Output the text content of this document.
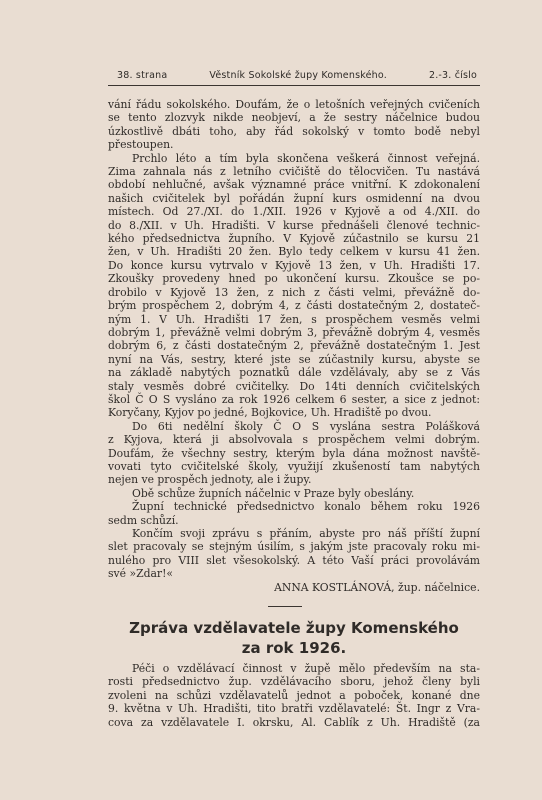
38. strana	Věstník Sokolské župy Komenského.	2.-3. číslo
vání řádu sokolského. Doufám, že o letošních veřejných cvičeních
se tento zlozvyk nikde neobjeví, a že sestry náčelnice budou
úzkostlivě dbáti toho, aby řád sokolský v tomto bodě nebyl
přestoupen.
Prchlo léto a tím byla skončena veškerá činnost veřejná.
Zima zahnala nás z letního cvičiště do tělocvičen. Tu nastává
období nehlučné, avšak významné práce vnitřní. K zdokonalení
našich cvičitelek byl pořádán župní kurs osmidenní na dvou
místech. Od 27./XI. do 1./XII. 1926 v Kyjově a od 4./XII. do
do 8./XII. v Uh. Hradišti. V kurse přednášeli členové technic-
kého předsednictva župního. V Kyjově zúčastnilo se kursu 21
žen, v Uh. Hradišti 20 žen. Bylo tedy celkem v kursu 41 žen.
Do konce kursu vytrvalo v Kyjově 13 žen, v Uh. Hradišti 17.
Zkoušky provedeny hned po ukončení kursu. Zkoušce se po-
drobilo v Kyjově 13 žen, z nich z části velmi, převážně do-
brým prospěchem 2, dobrým 4, z části dostatečným 2, dostateč-
ným 1. V Uh. Hradišti 17 žen, s prospěchem vesměs velmi
dobrým 1, převážně velmi dobrým 3, převážně dobrým 4, vesměs
dobrým 6, z části dostatečným 2, převážně dostatečným 1. Jest
nyní na Vás, sestry, které jste se zúčastnily kursu, abyste se
na základě nabytých poznatků dále vzdělávaly, aby se z Vás
staly vesměs dobré cvičitelky. Do 14ti denních cvičitelských
škol Č O S vysláno za rok 1926 celkem 6 sester, a sice z jednot:
Koryčany, Kyjov po jedné, Bojkovice, Uh. Hradiště po dvou.
Do 6ti nedělní školy Č O S vyslána sestra Polášková
z Kyjova, která ji absolvovala s prospěchem velmi dobrým.
Doufám, že všechny sestry, kterým byla dána možnost navště-
vovati tyto cvičitelské školy, využijí zkušeností tam nabytých
nejen ve prospěch jednoty, ale i župy.
Obě schůze župních náčelnic v Praze byly obeslány.
Župní technické předsednictvo konalo během roku 1926
sedm schůzí.
Končím svoji zprávu s přáním, abyste pro náš příští župní
slet pracovaly se stejným úsilím, s jakým jste pracovaly roku mi-
nulého pro VIII slet všesokolský. A této Vaší práci provolávám
své »Zdar!«
ANNA KOSTLÁNOVÁ, žup. náčelnice.
Zpráva vzdělavatele župy Komenského
za rok 1926.
Péči o vzdělávací činnost v župě mělo především na sta-
rosti předsednictvo žup. vzdělávacího sboru, jehož členy byli
zvoleni na schůzi vzdělavatelů jednot a poboček, konané dne
9. května v Uh. Hradišti, tito bratři vzdělavatelé: Št. Ingr z Vra-
cova za vzdělavatele I. okrsku, Al. Cablík z Uh. Hradiště (za
